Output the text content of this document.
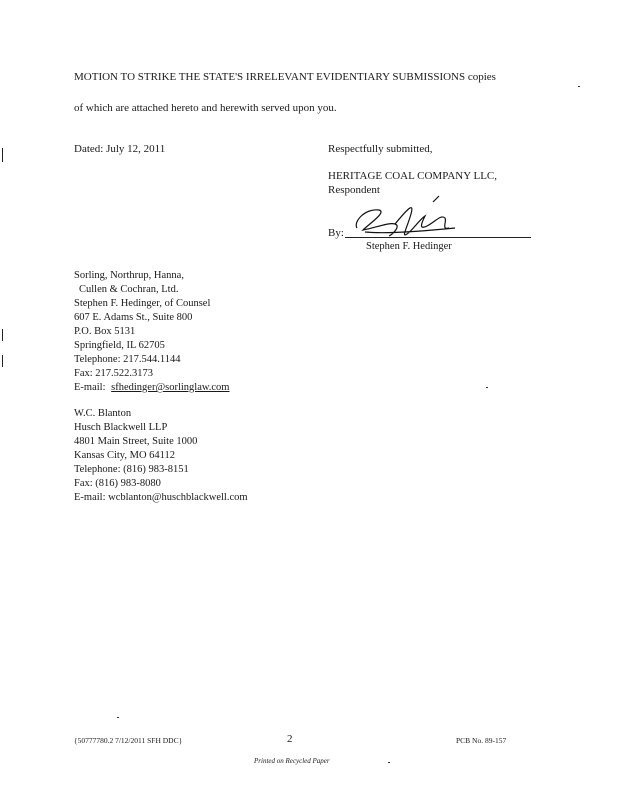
MOTION TO STRIKE THE STATE'S IRRELEVANT EVIDENTIARY SUBMISSIONS copies
of which are attached hereto and herewith served upon you.
Dated: July 12, 2011	Respectfully submitted,
HERITAGE COAL COMPANY LLC,
Respondent
By:
Stephen F. Hedinger
Sorling, Northrup, Hanna,
Cullen & Cochran, Ltd.
Stephen F. Hedinger, of Counsel
607 E. Adams St., Suite 800
P.O. Box 5131
Springfield, IL 62705
Telephone: 217.544.1144
Fax: 217.522.3173
E-mail: sfhedinger@sorlinglaw.com
W.C. Blanton
Husch Blackwell LLP
4801 Main Street, Suite 1000
Kansas City, MO 64112
Telephone: (816) 983-8151
Fax: (816) 983-8080
E-mail: wcblanton@huschblackwell.com
{50777780.2 7/12/2011 SFH DDC}	2	PCB No. 89-157
Printed on Recycled Paper
